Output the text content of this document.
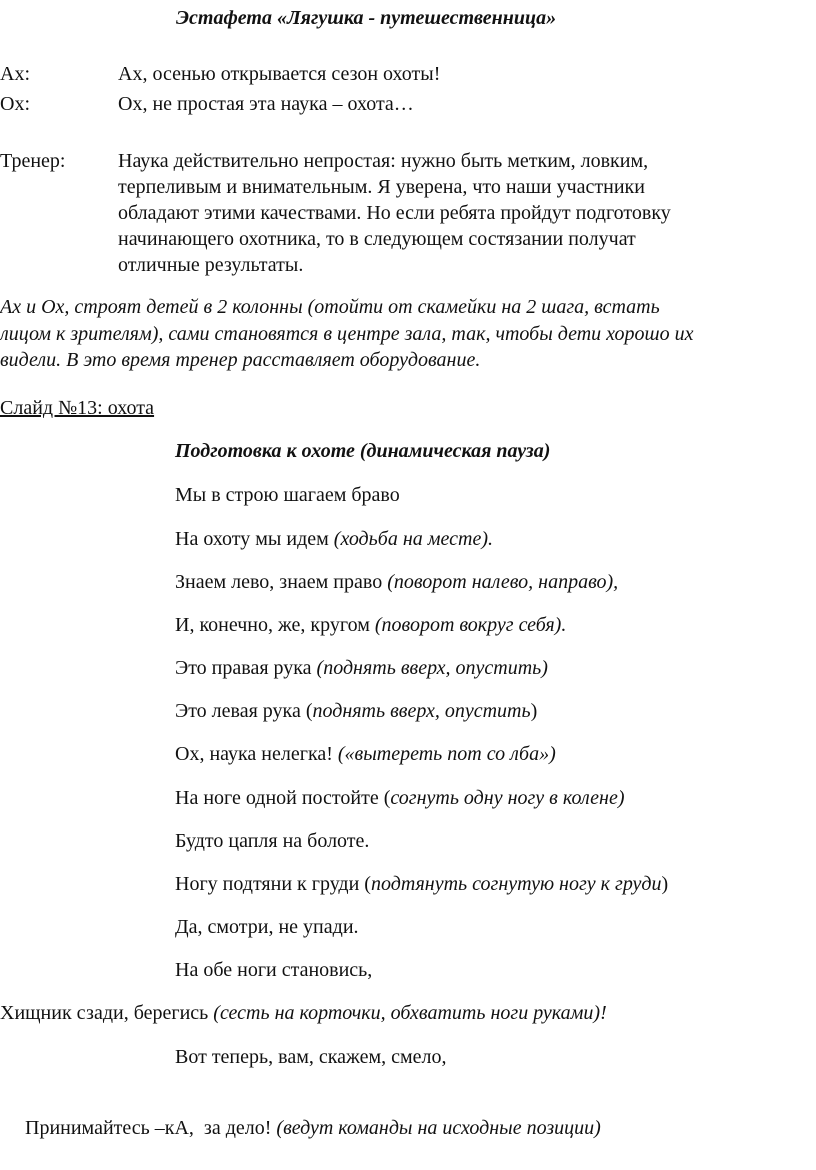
Эстафета «Лягушка - путешественница»
Ах:	Ах, осенью открывается сезон охоты!
Ох:	Ох, не простая эта наука – охота…
Тренер:	Наука действительно непростая: нужно быть метким, ловким,
терпеливым и внимательным. Я уверена, что наши участники
обладают этими качествами. Но если ребята пройдут подготовку
начинающего охотника, то в следующем состязании получат
отличные результаты.
Ах и Ох, строят детей в 2 колонны (отойти от скамейки на 2 шага, встать
лицом к зрителям), сами становятся в центре зала, так, чтобы дети хорошо их
видели. В это время тренер расставляет оборудование.
Слайд №13: охота
Подготовка к охоте (динамическая пауза)
Мы в строю шагаем браво
На охоту мы идем (ходьба на месте).
Знаем лево, знаем право (поворот налево, направо),
И, конечно, же, кругом (поворот вокруг себя).
Это правая рука (поднять вверх, опустить)
Это левая рука (поднять вверх, опустить)
Ох, наука нелегка! («вытереть пот со лба»)
На ноге одной постойте (согнуть одну ногу в колене)
Будто цапля на болоте.
Ногу подтяни к груди (подтянуть согнутую ногу к груди)
Да, смотри, не упади.
На обе ноги становись,
Хищник сзади, берегись (сесть на корточки, обхватить ноги руками)!
Вот теперь, вам, скажем, смело,

Принимайтесь –кА,  за дело! (ведут команды на исходные позиции)
